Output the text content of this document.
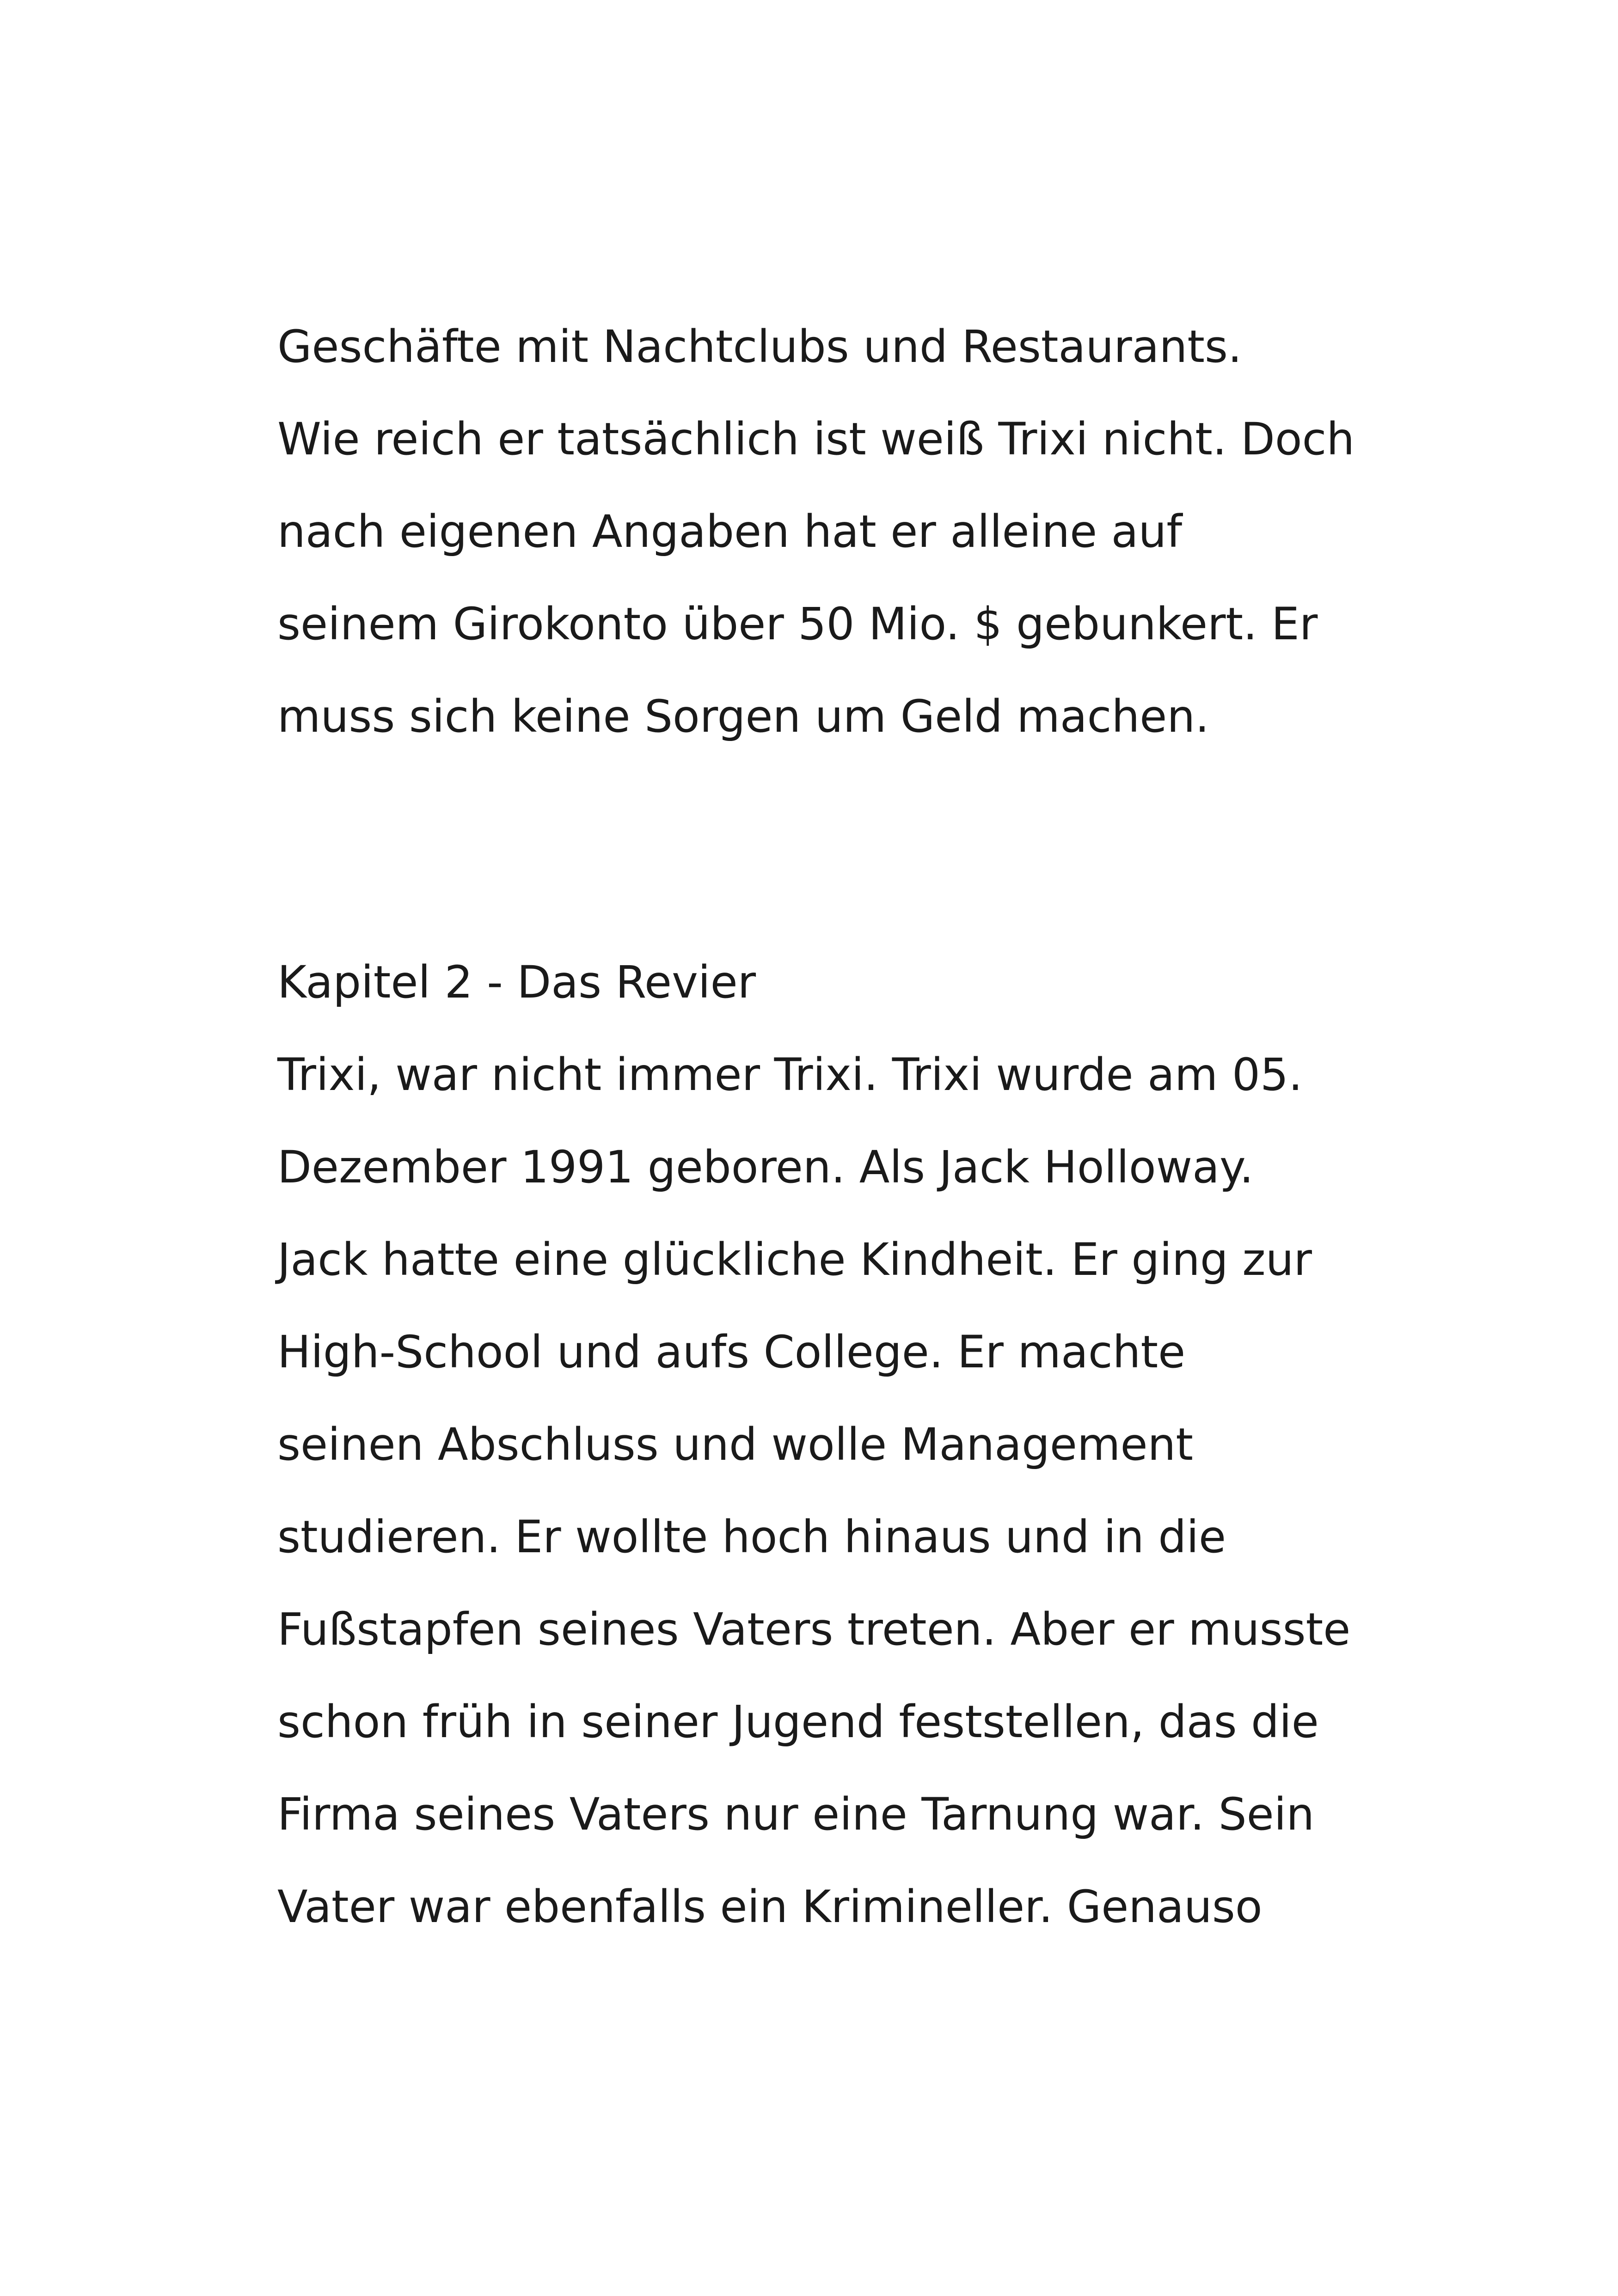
Geschäfte mit Nachtclubs und Restaurants.
Wie reich er tatsächlich ist weiß Trixi nicht. Doch
nach eigenen Angaben hat er alleine auf
seinem Girokonto über 50 Mio. $ gebunkert. Er
muss sich keine Sorgen um Geld machen.
Kapitel 2 - Das Revier
Trixi, war nicht immer Trixi. Trixi wurde am 05.
Dezember 1991 geboren. Als Jack Holloway.
Jack hatte eine glückliche Kindheit. Er ging zur
High-School und aufs College. Er machte
seinen Abschluss und wolle Management
studieren. Er wollte hoch hinaus und in die
Fußstapfen seines Vaters treten. Aber er musste
schon früh in seiner Jugend feststellen, das die
Firma seines Vaters nur eine Tarnung war. Sein
Vater war ebenfalls ein Krimineller. Genauso
